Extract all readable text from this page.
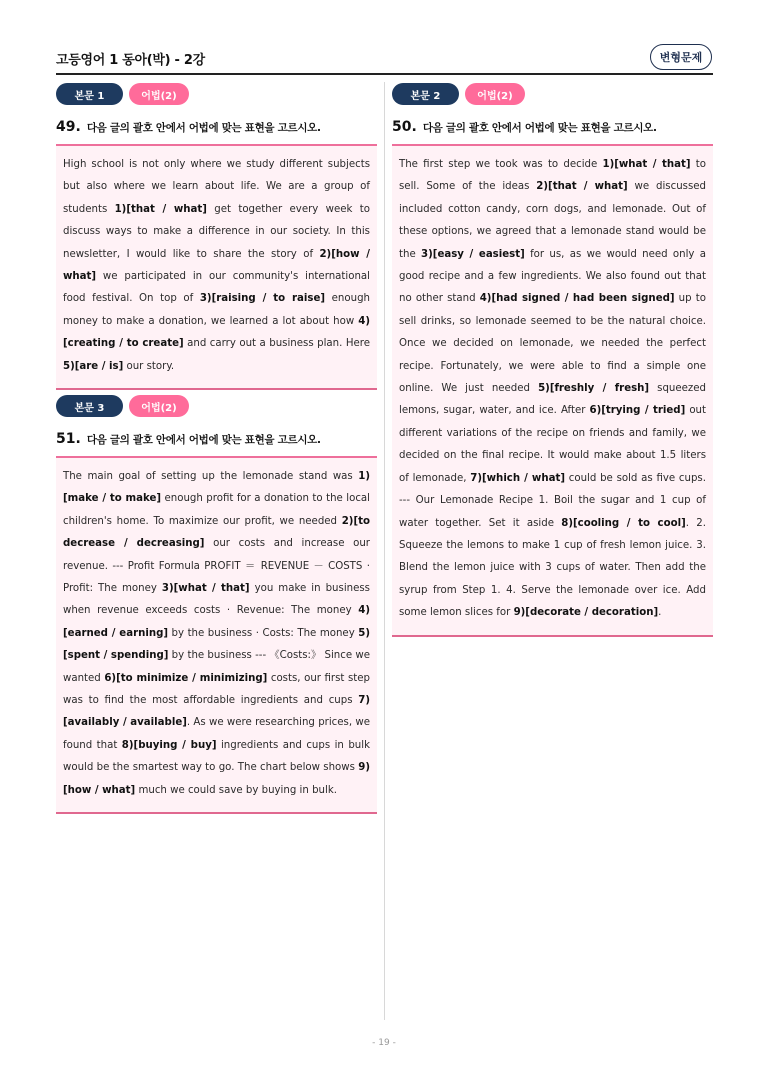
고등영어 1 동아(박) - 2강	변형문제
본문 1	어법(2)
49. 다음 글의 괄호 안에서 어법에 맞는 표현을 고르시오.
High school is not only where we study different subjects but also where we learn about life. We are a group of students 1)[that / what] get together every week to discuss ways to make a difference in our society. In this newsletter, I would like to share the story of 2)[how / what] we participated in our community's international food festival. On top of 3)[raising / to raise] enough money to make a donation, we learned a lot about how 4)[creating / to create] and carry out a business plan. Here 5)[are / is] our story.
본문 3	어법(2)
51. 다음 글의 괄호 안에서 어법에 맞는 표현을 고르시오.
The main goal of setting up the lemonade stand was 1)[make / to make] enough profit for a donation to the local children's home. To maximize our profit, we needed 2)[to decrease / decreasing] our costs and increase our revenue. --- Profit Formula PROFIT ＝ REVENUE － COSTS · Profit: The money 3)[what / that] you make in business when revenue exceeds costs · Revenue: The money 4)[earned / earning] by the business · Costs: The money 5)[spent / spending] by the business --- 《Costs:》 Since we wanted 6)[to minimize / minimizing] costs, our first step was to find the most affordable ingredients and cups 7)[availably / available]. As we were researching prices, we found that 8)[buying / buy] ingredients and cups in bulk would be the smartest way to go. The chart below shows 9)[how / what] much we could save by buying in bulk.
본문 2	어법(2)
50. 다음 글의 괄호 안에서 어법에 맞는 표현을 고르시오.
The first step we took was to decide 1)[what / that] to sell. Some of the ideas 2)[that / what] we discussed included cotton candy, corn dogs, and lemonade. Out of these options, we agreed that a lemonade stand would be the 3)[easy / easiest] for us, as we would need only a good recipe and a few ingredients. We also found out that no other stand 4)[had signed / had been signed] up to sell drinks, so lemonade seemed to be the natural choice. Once we decided on lemonade, we needed the perfect recipe. Fortunately, we were able to find a simple one online. We just needed 5)[freshly / fresh] squeezed lemons, sugar, water, and ice. After 6)[trying / tried] out different variations of the recipe on friends and family, we decided on the final recipe. It would make about 1.5 liters of lemonade, 7)[which / what] could be sold as five cups. --- Our Lemonade Recipe 1. Boil the sugar and 1 cup of water together. Set it aside 8)[cooling / to cool]. 2. Squeeze the lemons to make 1 cup of fresh lemon juice. 3. Blend the lemon juice with 3 cups of water. Then add the syrup from Step 1. 4. Serve the lemonade over ice. Add some lemon slices for 9)[decorate / decoration].
- 19 -
